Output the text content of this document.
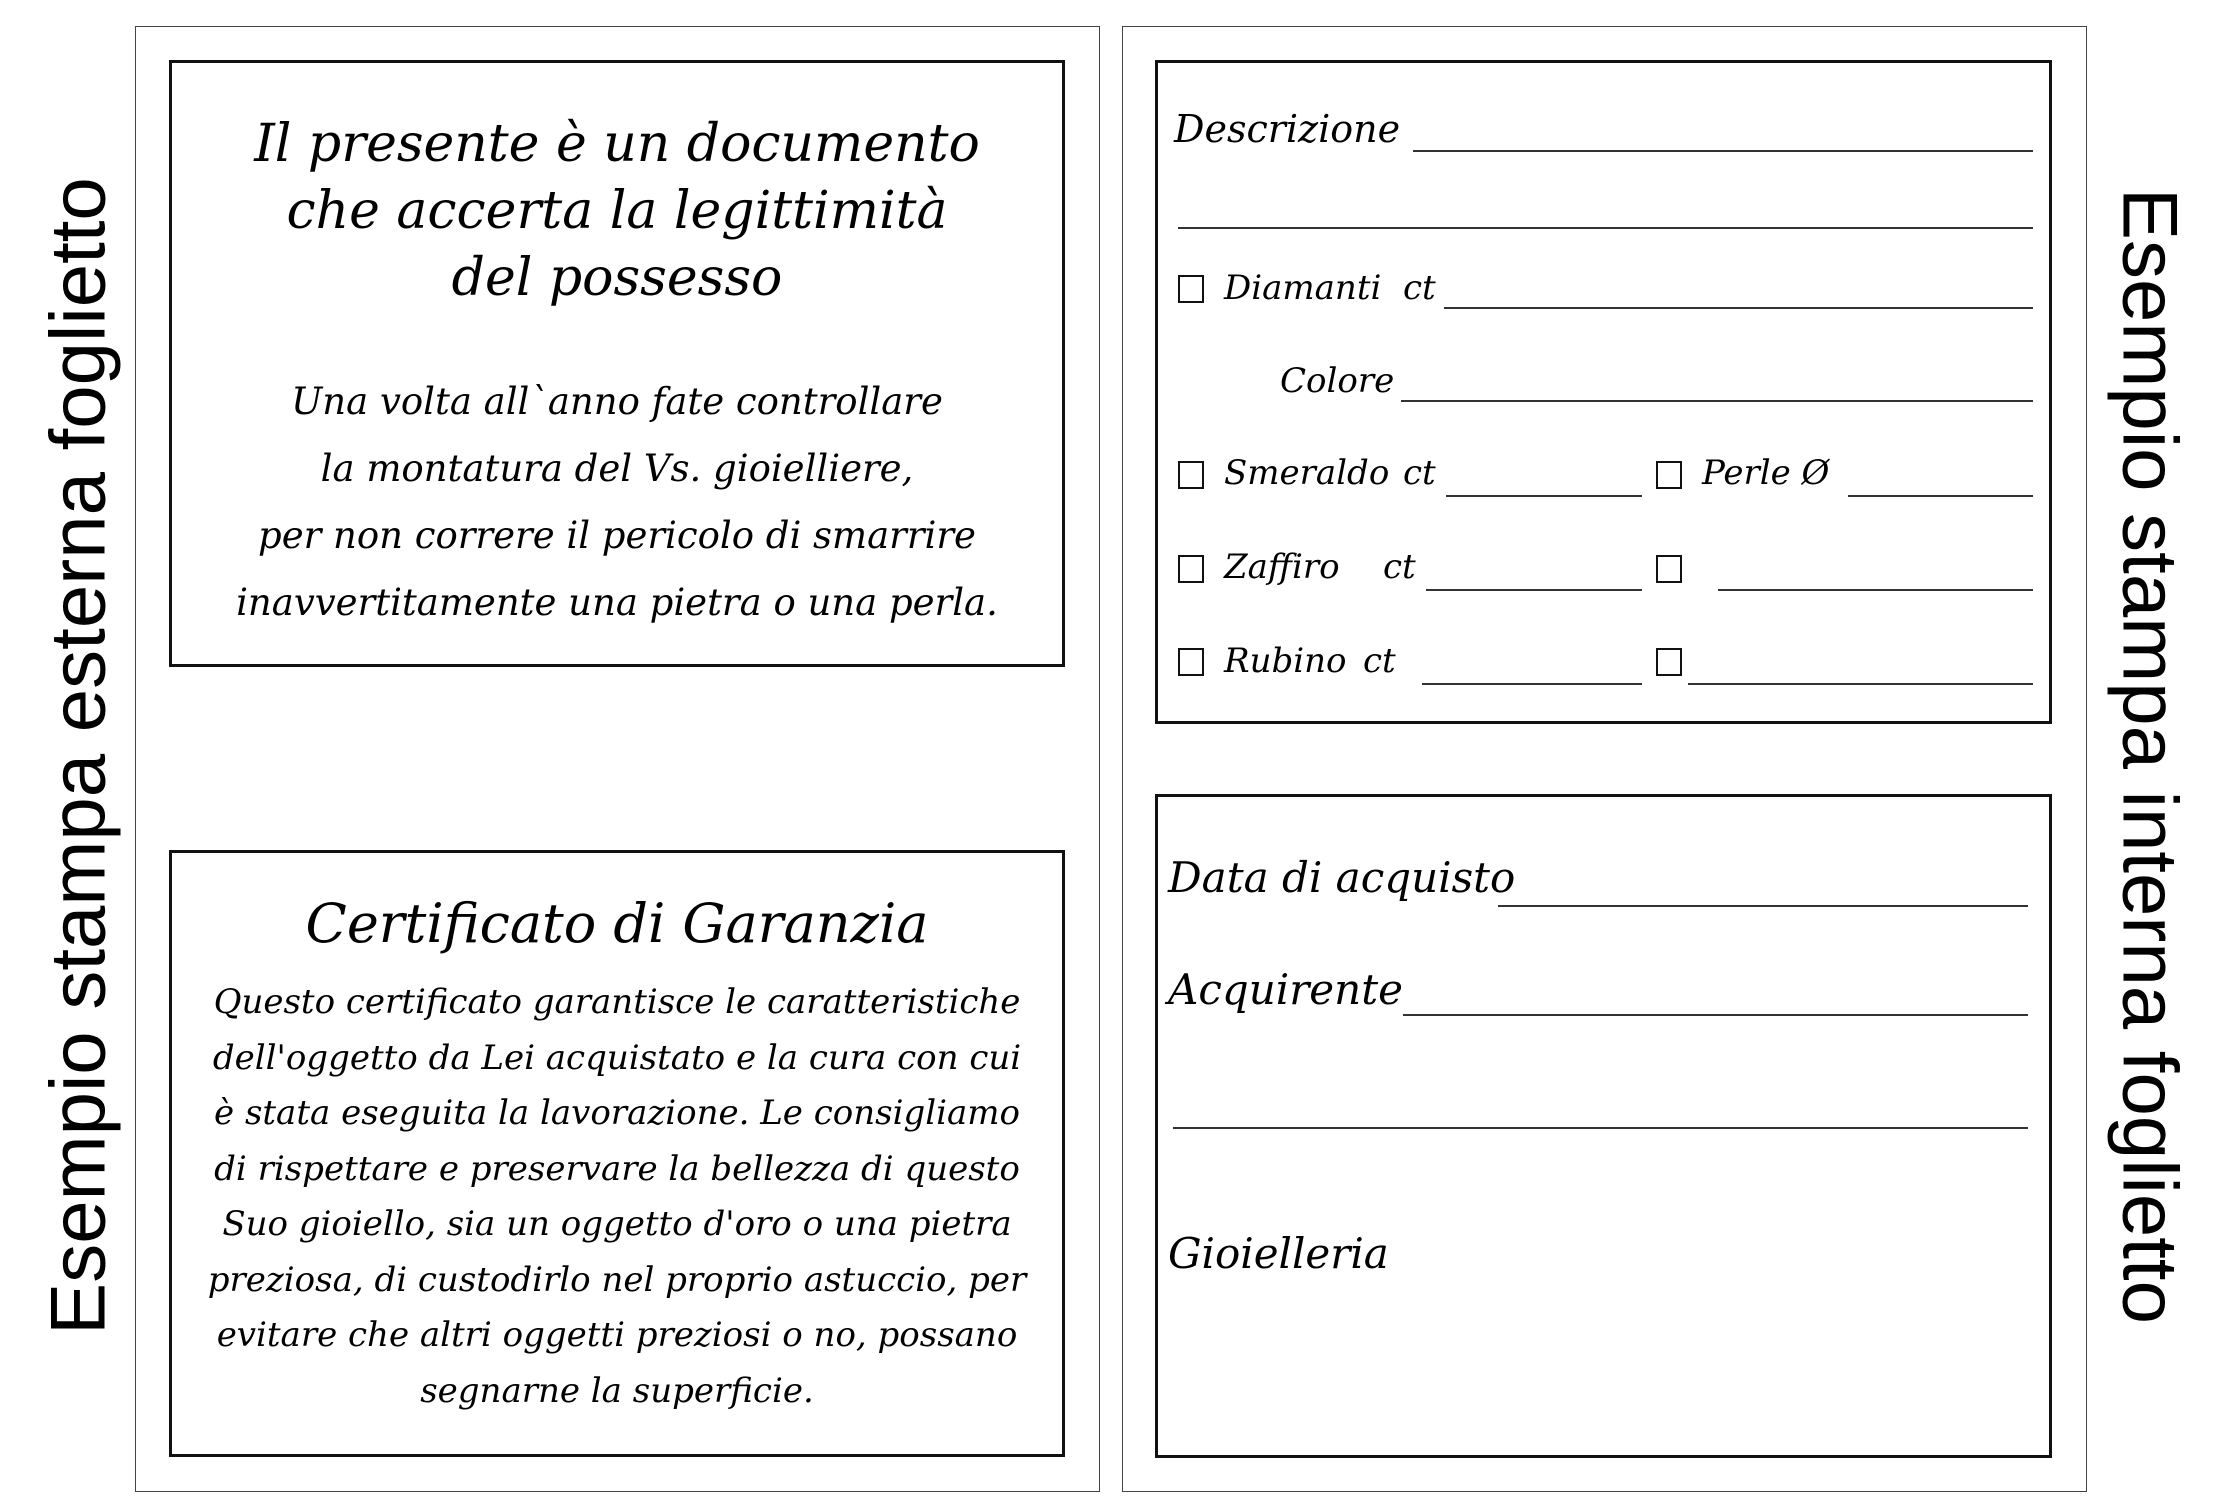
Esempio stampa esterna foglietto	Esempio stampa interna foglietto
Il presente è un documento
che accerta la legittimità
del possesso
Una volta all`anno fate controllare
la montatura del Vs. gioielliere,
per non correre il pericolo di smarrire
inavvertitamente una pietra o una perla.
Certificato di Garanzia
Questo certificato garantisce le caratteristiche
dell'oggetto da Lei acquistato e la cura con cui
è stata eseguita la lavorazione. Le consigliamo
di rispettare e preservare la bellezza di questo
Suo gioiello, sia un oggetto d'oro o una pietra
preziosa, di custodirlo nel proprio astuccio, per
evitare che altri oggetti preziosi o no, possano
segnarne la superficie.
Descrizione
Diamanti ct
Colore
Smeraldo ct	Perle Ø
Zaffiro ct
Rubino ct
Data di acquisto
Acquirente
Gioielleria
